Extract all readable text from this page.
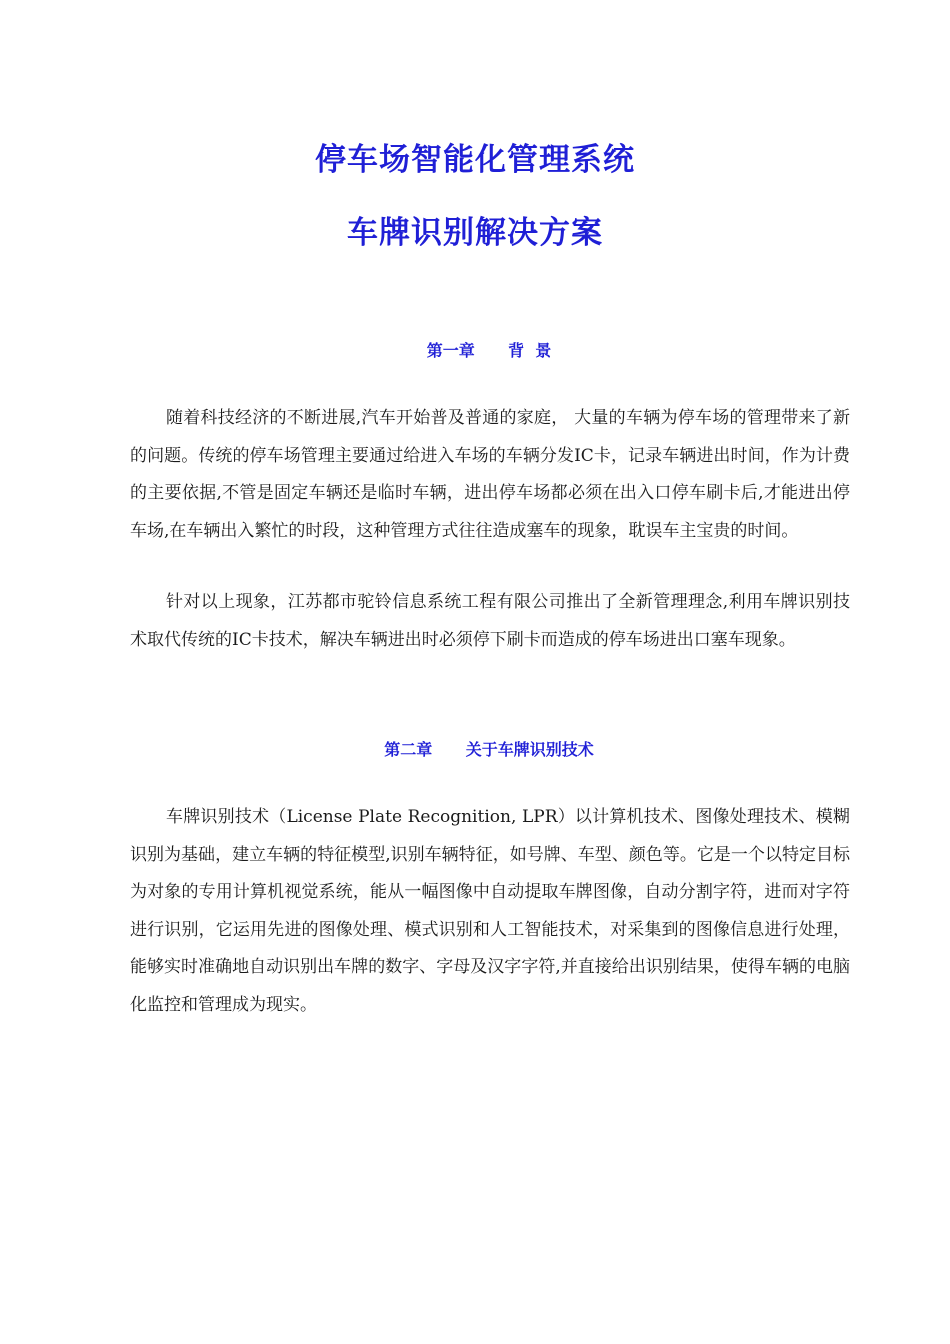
停车场智能化管理系统
车牌识别解决方案
第一章      背  景
随着科技经济的不断进展,汽车开始普及普通的家庭， 大量的车辆为停车场的管理带来了新的问题。传统的停车场管理主要通过给进入车场的车辆分发IC卡，记录车辆进出时间，作为计费的主要依据,不管是固定车辆还是临时车辆，进出停车场都必须在出入口停车刷卡后,才能进出停车场,在车辆出入繁忙的时段，这种管理方式往往造成塞车的现象，耽误车主宝贵的时间。
针对以上现象，江苏都市驼铃信息系统工程有限公司推出了全新管理理念,利用车牌识别技术取代传统的IC卡技术，解决车辆进出时必须停下刷卡而造成的停车场进出口塞车现象。
第二章      关于车牌识别技术
车牌识别技术（License Plate Recognition, LPR）以计算机技术、图像处理技术、模糊识别为基础，建立车辆的特征模型,识别车辆特征，如号牌、车型、颜色等。它是一个以特定目标为对象的专用计算机视觉系统，能从一幅图像中自动提取车牌图像，自动分割字符，进而对字符进行识别，它运用先进的图像处理、模式识别和人工智能技术，对采集到的图像信息进行处理，能够实时准确地自动识别出车牌的数字、字母及汉字字符,并直接给出识别结果，使得车辆的电脑化监控和管理成为现实。
